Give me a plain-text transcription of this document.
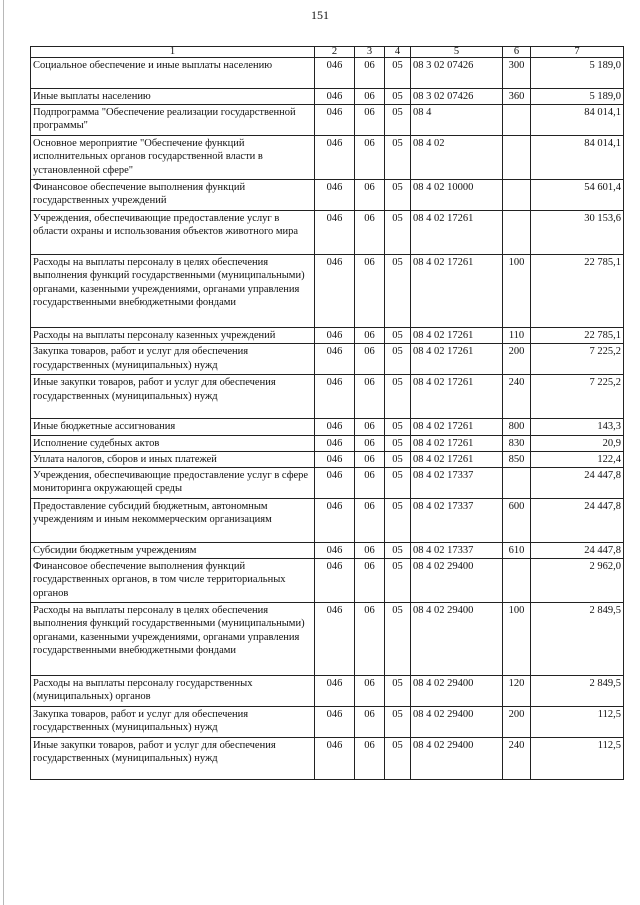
151
1	2	3	4	5	6	7
Социальное обеспечение и иные выплаты населению	046	06	05	08 3 02 07426	300	5 189,0
Иные выплаты населению	046	06	05	08 3 02 07426	360	5 189,0
Подпрограмма "Обеспечение реализации государственной программы"	046	06	05	08 4		84 014,1
Основное мероприятие "Обеспечение функций исполнительных органов государственной власти в установленной сфере"	046	06	05	08 4 02		84 014,1
Финансовое обеспечение выполнения функций государственных учреждений	046	06	05	08 4 02 10000		54 601,4
Учреждения, обеспечивающие предоставление услуг в области охраны и использования объектов животного мира	046	06	05	08 4 02 17261		30 153,6
Расходы на выплаты персоналу в целях обеспечения выполнения функций государственными (муниципальными) органами, казенными учреждениями, органами управления государственными внебюджетными фондами	046	06	05	08 4 02 17261	100	22 785,1
Расходы на выплаты персоналу казенных учреждений	046	06	05	08 4 02 17261	110	22 785,1
Закупка товаров, работ и услуг для обеспечения государственных (муниципальных) нужд	046	06	05	08 4 02 17261	200	7 225,2
Иные закупки товаров, работ и услуг для обеспечения государственных (муниципальных) нужд	046	06	05	08 4 02 17261	240	7 225,2
Иные бюджетные ассигнования	046	06	05	08 4 02 17261	800	143,3
Исполнение судебных актов	046	06	05	08 4 02 17261	830	20,9
Уплата налогов, сборов и иных платежей	046	06	05	08 4 02 17261	850	122,4
Учреждения, обеспечивающие предоставление услуг в сфере мониторинга окружающей среды	046	06	05	08 4 02 17337		24 447,8
Предоставление субсидий бюджетным, автономным учреждениям и иным некоммерческим организациям	046	06	05	08 4 02 17337	600	24 447,8
Субсидии бюджетным учреждениям	046	06	05	08 4 02 17337	610	24 447,8
Финансовое обеспечение выполнения функций государственных органов, в том числе территориальных органов	046	06	05	08 4 02 29400		2 962,0
Расходы на выплаты персоналу в целях обеспечения выполнения функций государственными (муниципальными) органами, казенными учреждениями, органами управления государственными внебюджетными фондами	046	06	05	08 4 02 29400	100	2 849,5
Расходы на выплаты персоналу государственных (муниципальных) органов	046	06	05	08 4 02 29400	120	2 849,5
Закупка товаров, работ и услуг для обеспечения государственных (муниципальных) нужд	046	06	05	08 4 02 29400	200	112,5
Иные закупки товаров, работ и услуг для обеспечения государственных (муниципальных) нужд	046	06	05	08 4 02 29400	240	112,5
